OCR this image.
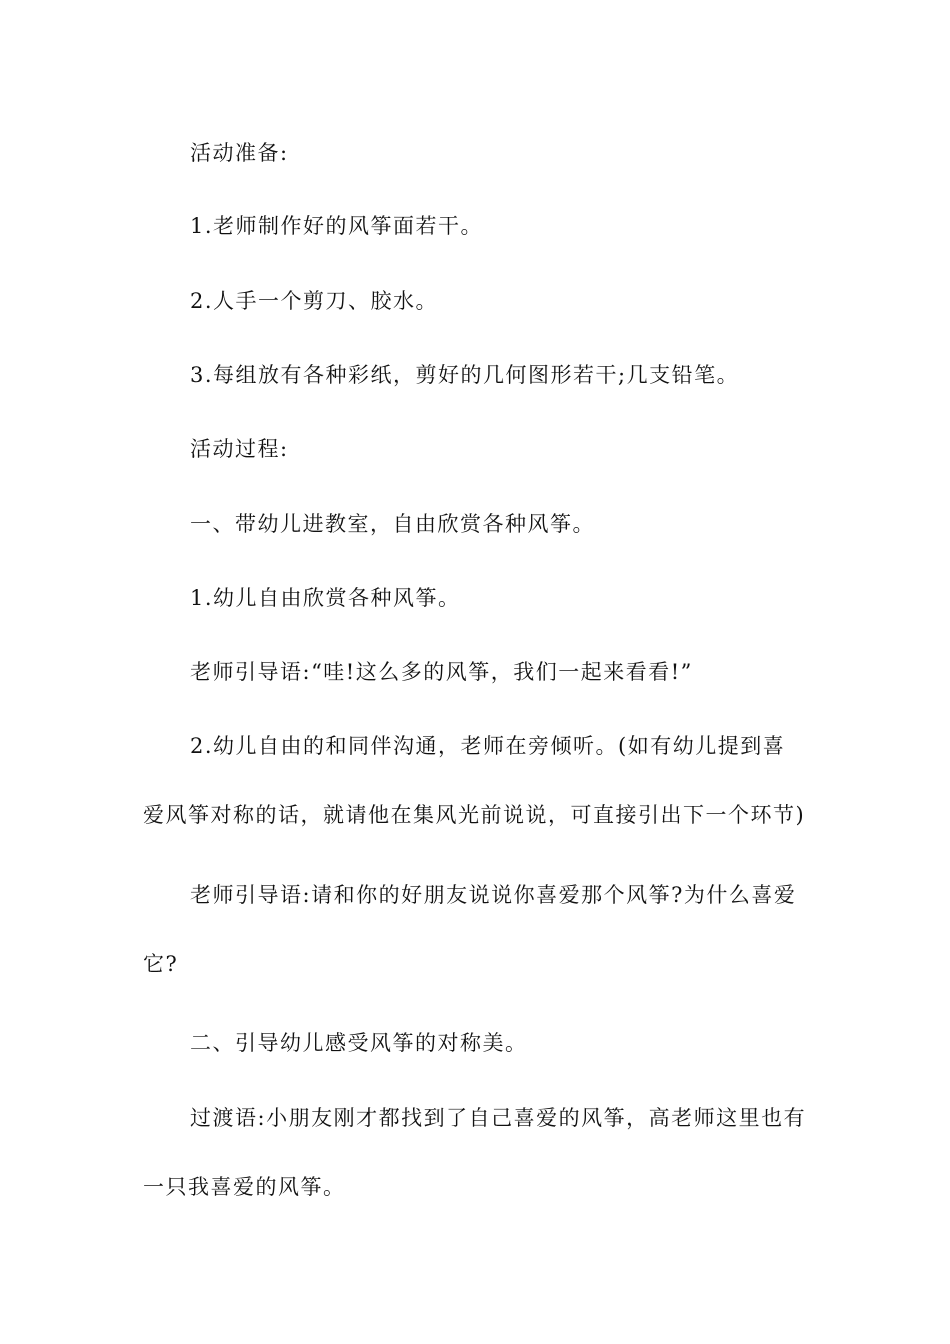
活动准备:

1.老师制作好的风筝面若干。

2.人手一个剪刀、胶水。

3.每组放有各种彩纸，剪好的几何图形若干;几支铅笔。

活动过程:

一、带幼儿进教室，自由欣赏各种风筝。

1.幼儿自由欣赏各种风筝。

老师引导语:“哇!这么多的风筝，我们一起来看看!”

2.幼儿自由的和同伴沟通，老师在旁倾听。(如有幼儿提到喜爱风筝对称的话，就请他在集风光前说说，可直接引出下一个环节)

老师引导语:请和你的好朋友说说你喜爱那个风筝?为什么喜爱它?

二、引导幼儿感受风筝的对称美。

过渡语:小朋友刚才都找到了自己喜爱的风筝，高老师这里也有一只我喜爱的风筝。
